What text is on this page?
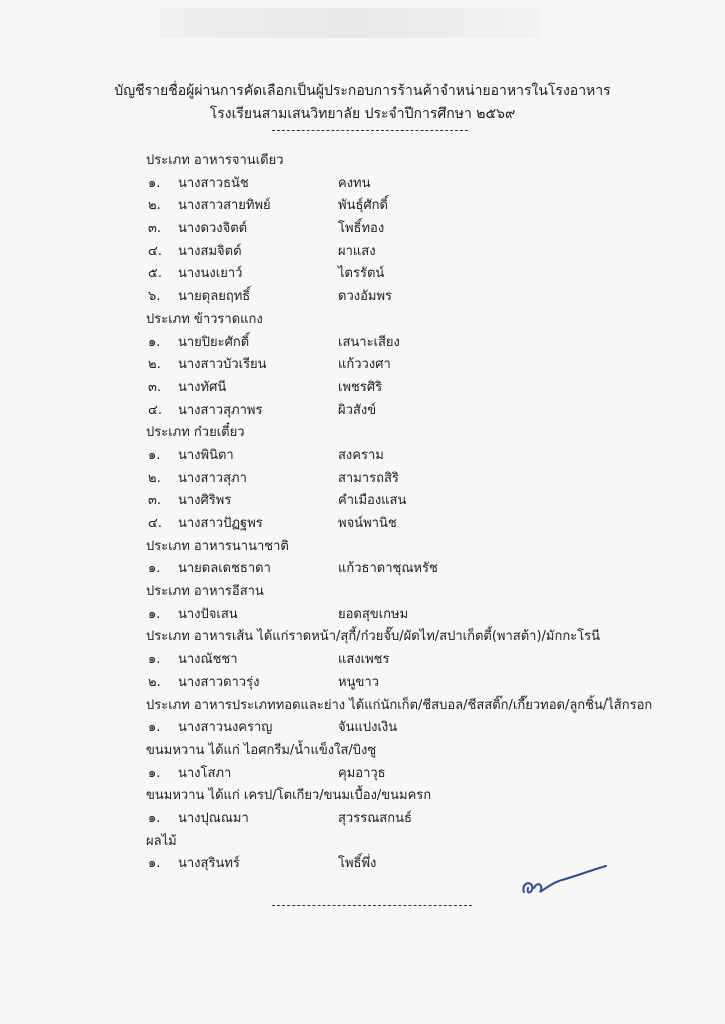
บัญชีรายชื่อผู้ผ่านการคัดเลือกเป็นผู้ประกอบการร้านค้าจำหน่ายอาหารในโรงอาหาร
โรงเรียนสามเสนวิทยาลัย ประจำปีการศึกษา ๒๕๖๙
ประเภท อาหารจานเดียว
๑. นางสาวธนัช	คงทน
๒. นางสาวสายทิพย์	พันธุ์ศักดิ์
๓. นางดวงจิตต์	โพธิ์ทอง
๔. นางสมจิตต์	ผาแสง
๕. นางนงเยาว์	ไตรรัตน์
๖. นายดุลยฤทธิ์	ดวงอัมพร
ประเภท ข้าวราดแกง
๑. นายปิยะศักดิ์	เสนาะเสียง
๒. นางสาวบัวเรียน	แก้ววงศา
๓. นางทัศนี	เพชรศิริ
๔. นางสาวสุภาพร	ผิวสังข์
ประเภท ก๋วยเตี๋ยว
๑. นางพินิตา	สงคราม
๒. นางสาวสุภา	สามารถสิริ
๓. นางศิริพร	คำเมืองแสน
๔. นางสาวปัฏฐพร	พจน์พานิช
ประเภท อาหารนานาชาติ
๑. นายดลเดชธาดา	แก้วธาดาชุณหรัช
ประเภท อาหารอีสาน
๑. นางปัจเสน	ยอดสุขเกษม
ประเภท อาหารเส้น ได้แก่ราดหน้า/สุกี้/ก๋วยจั๊บ/ผัดไท/สปาเก็ตตี้(พาสต้า)/มักกะโรนี
๑. นางณัชชา	แสงเพชร
๒. นางสาวดาวรุ่ง	หนูขาว
ประเภท อาหารประเภททอดและย่าง ได้แก่นักเก็ต/ชีสบอล/ชีสสติ๊ก/เกี๊ยวทอด/ลูกชิ้น/ไส้กรอก
๑. นางสาวนงคราญ	จันแปงเงิน
ขนมหวาน ได้แก่ ไอศกรีม/น้ำแข็งใส/บิงซู
๑. นางโสภา	คุมอาวุธ
ขนมหวาน ได้แก่ เครป/โตเกียว/ขนมเบื้อง/ขนมครก
๑. นางปุณณมา	สุวรรณสกนธ์
ผลไม้
๑. นางสุรินทร์	โพธิ์พึ่ง
